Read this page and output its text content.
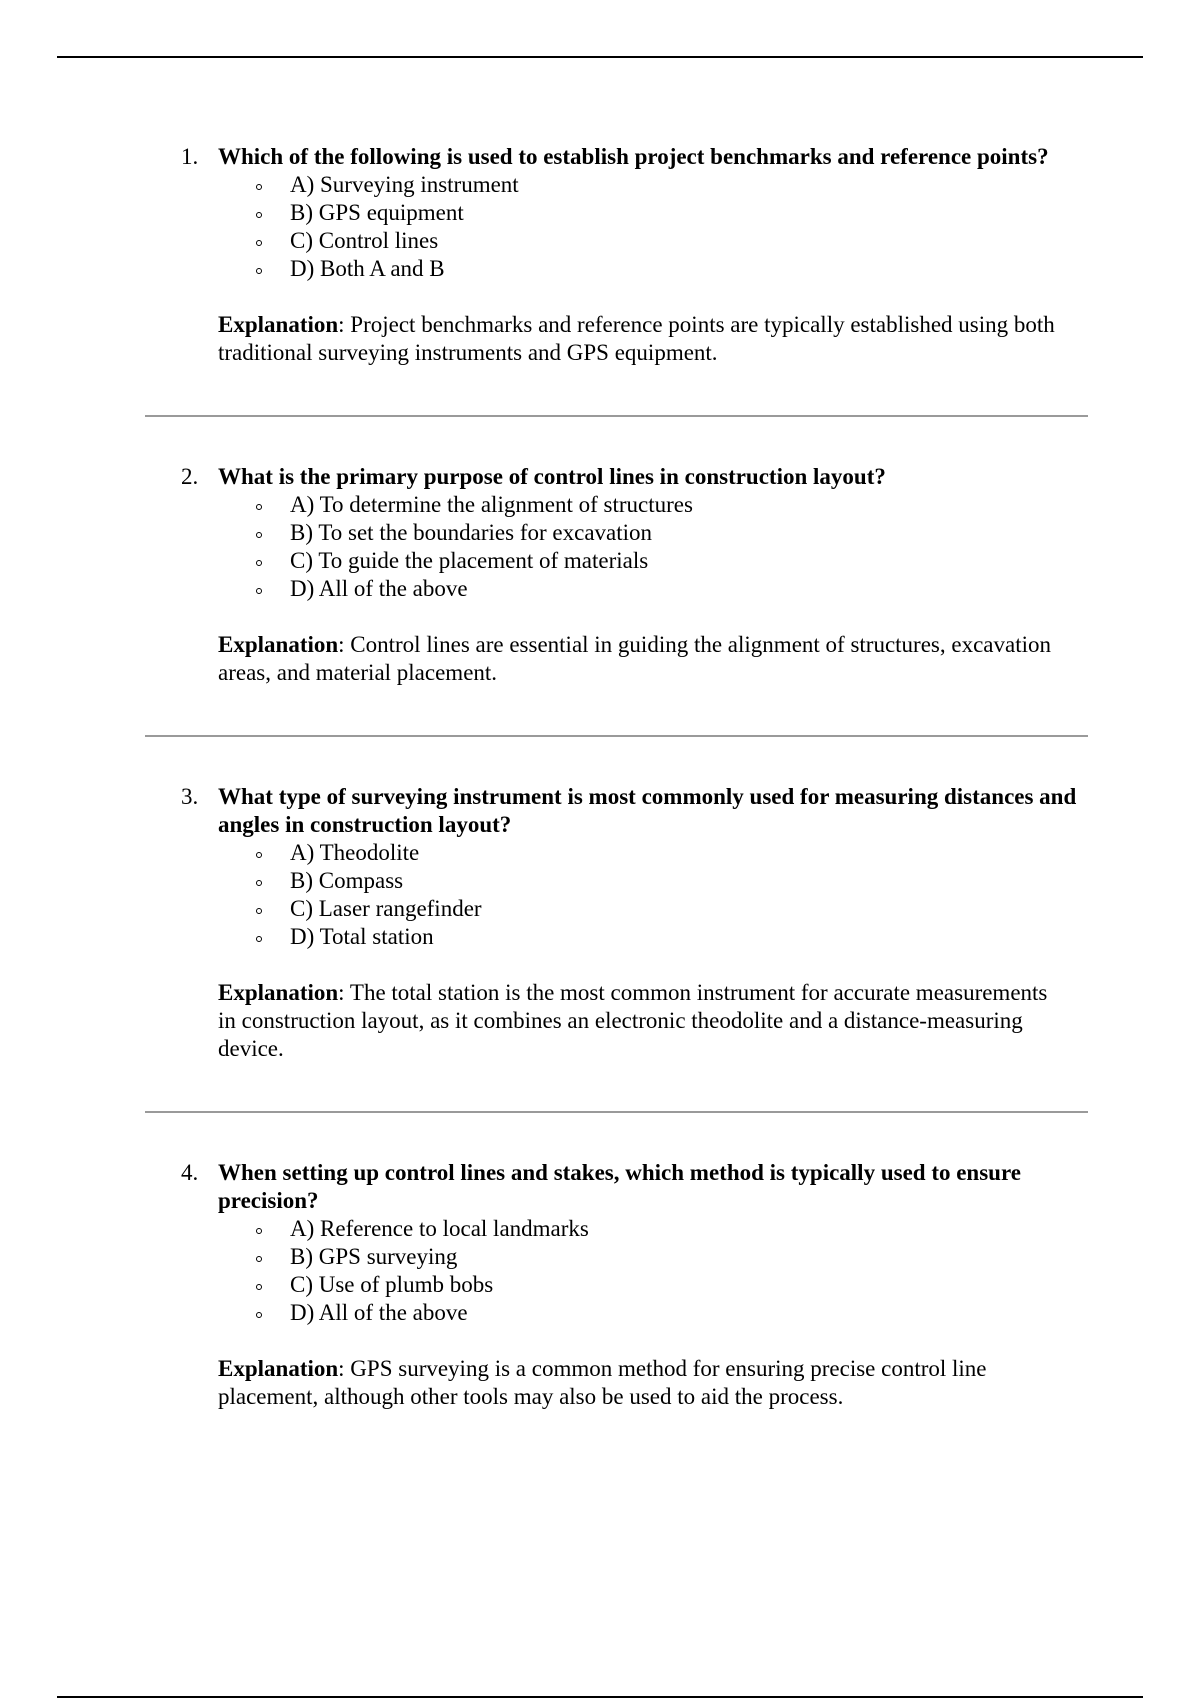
1. Which of the following is used to establish project benchmarks and reference points?
A) Surveying instrument
B) GPS equipment
C) Control lines
D) Both A and B
Explanation: Project benchmarks and reference points are typically established using both traditional surveying instruments and GPS equipment.
2. What is the primary purpose of control lines in construction layout?
A) To determine the alignment of structures
B) To set the boundaries for excavation
C) To guide the placement of materials
D) All of the above
Explanation: Control lines are essential in guiding the alignment of structures, excavation areas, and material placement.
3. What type of surveying instrument is most commonly used for measuring distances and angles in construction layout?
A) Theodolite
B) Compass
C) Laser rangefinder
D) Total station
Explanation: The total station is the most common instrument for accurate measurements in construction layout, as it combines an electronic theodolite and a distance-measuring device.
4. When setting up control lines and stakes, which method is typically used to ensure precision?
A) Reference to local landmarks
B) GPS surveying
C) Use of plumb bobs
D) All of the above
Explanation: GPS surveying is a common method for ensuring precise control line placement, although other tools may also be used to aid the process.
